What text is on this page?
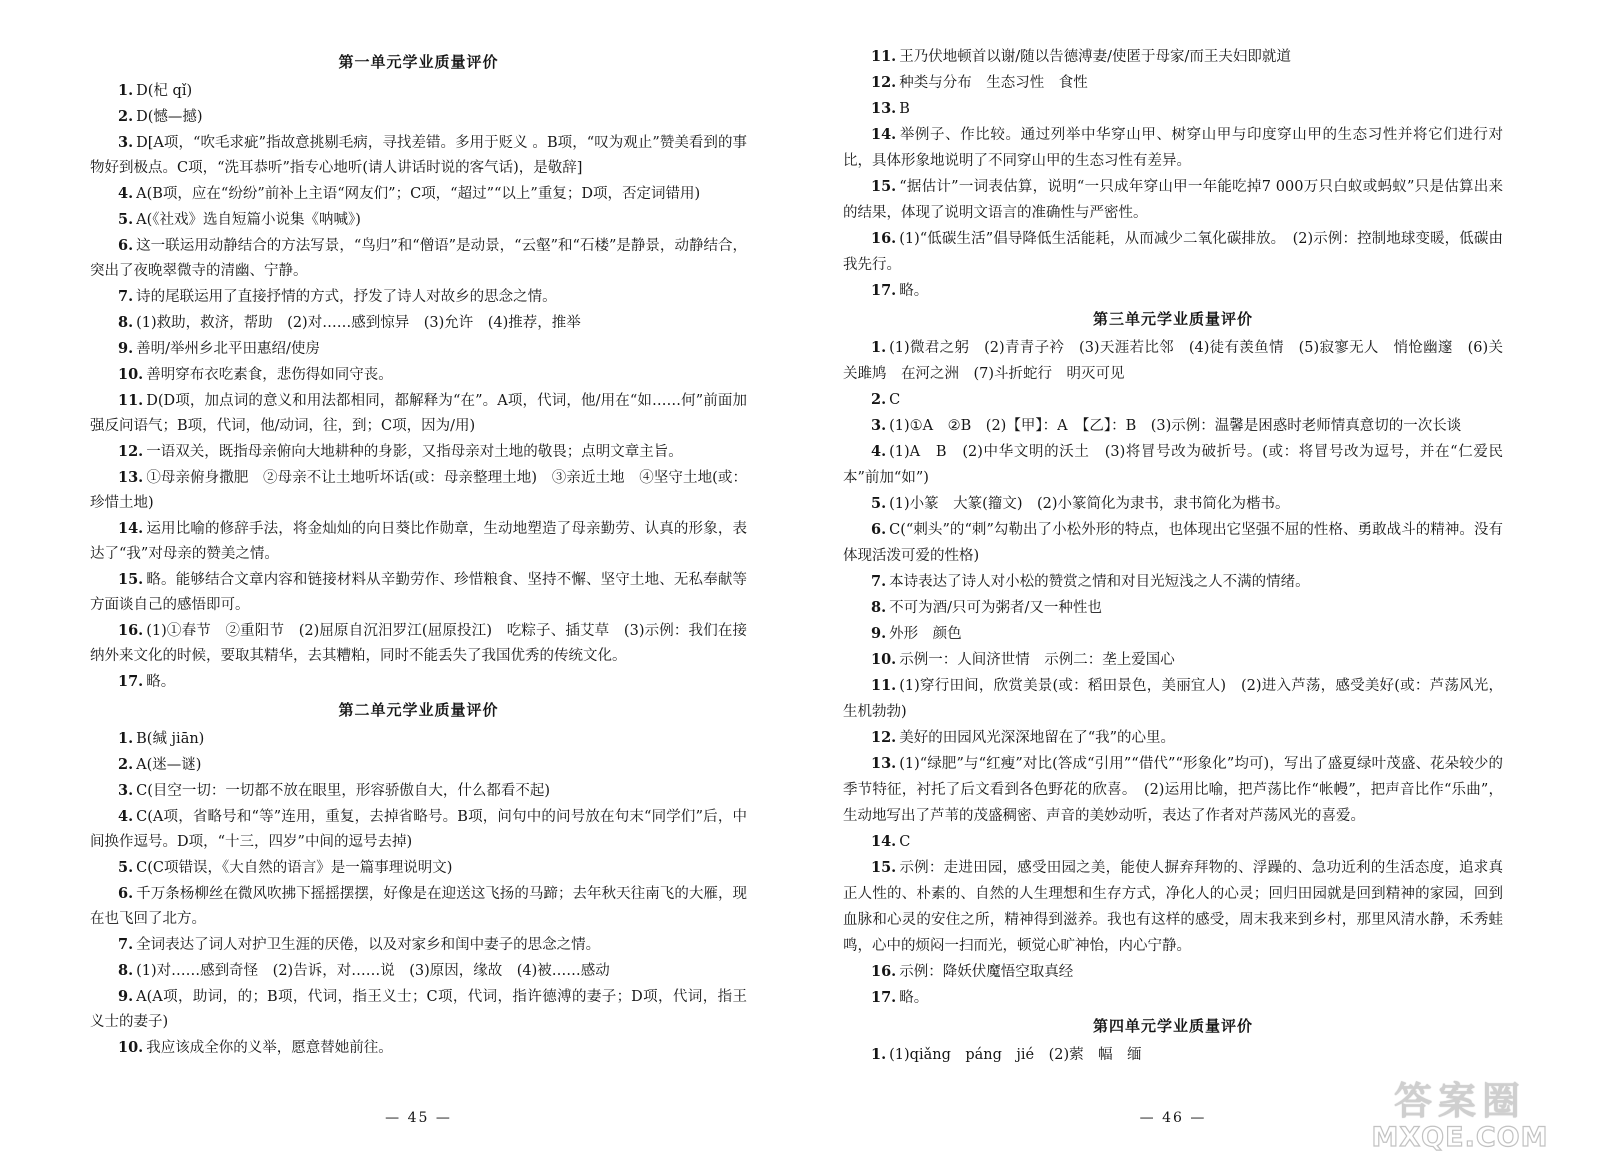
第一单元学业质量评价
1. D(杞 qǐ)
2. D(憾—撼)
3. D[A项，“吹毛求疵”指故意挑剔毛病，寻找差错。多用于贬义 。B项，“叹为观止”赞美看到的事物好到极点。C项，“洗耳恭听”指专心地听(请人讲话时说的客气话)，是敬辞]
4. A(B项，应在“纷纷”前补上主语“网友们”；C项，“超过”“以上”重复；D项，否定词错用)
5. A(《社戏》选自短篇小说集《呐喊》)
6. 这一联运用动静结合的方法写景，“鸟归”和“僧语”是动景，“云壑”和“石楼”是静景，动静结合，突出了夜晚翠微寺的清幽、宁静。
7. 诗的尾联运用了直接抒情的方式，抒发了诗人对故乡的思念之情。
8. (1)救助，救济，帮助　(2)对……感到惊异　(3)允许　(4)推荐，推举
9. 善明/举州乡北平田惠绍/使房
10. 善明穿布衣吃素食，悲伤得如同守丧。
11. D(D项，加点词的意义和用法都相同，都解释为“在”。A项，代词，他/用在“如……何”前面加强反问语气；B项，代词，他/动词，往，到；C项，因为/用)
12. 一语双关，既指母亲俯向大地耕种的身影，又指母亲对土地的敬畏；点明文章主旨。
13. ①母亲俯身撒肥　②母亲不让土地听坏话(或：母亲整理土地)　③亲近土地　④坚守土地(或：珍惜土地)
14. 运用比喻的修辞手法，将金灿灿的向日葵比作勋章，生动地塑造了母亲勤劳、认真的形象，表达了“我”对母亲的赞美之情。
15. 略。能够结合文章内容和链接材料从辛勤劳作、珍惜粮食、坚持不懈、坚守土地、无私奉献等方面谈自己的感悟即可。
16. (1)①春节　②重阳节　(2)屈原自沉汨罗江(屈原投江)　吃粽子、插艾草　(3)示例：我们在接纳外来文化的时候，要取其精华，去其糟粕，同时不能丢失了我国优秀的传统文化。
17. 略。
第二单元学业质量评价
1. B(缄 jiān)
2. A(迷—谜)
3. C(目空一切：一切都不放在眼里，形容骄傲自大，什么都看不起)
4. C(A项，省略号和“等”连用，重复，去掉省略号。B项，问句中的问号放在句末“同学们”后，中间换作逗号。D项，“十三，四岁”中间的逗号去掉)
5. C(C项错误，《大自然的语言》是一篇事理说明文)
6. 千万条杨柳丝在微风吹拂下摇摇摆摆，好像是在迎送这飞扬的马蹄；去年秋天往南飞的大雁，现在也飞回了北方。
7. 全词表达了词人对护卫生涯的厌倦，以及对家乡和闺中妻子的思念之情。
8. (1)对……感到奇怪　(2)告诉，对……说　(3)原因，缘故　(4)被……感动
9. A(A项，助词，的；B项，代词，指王义士；C项，代词，指许德溥的妻子；D项，代词，指王义士的妻子)
10. 我应该成全你的义举，愿意替她前往。
11. 王乃伏地顿首以谢/随以告德溥妻/使匿于母家/而王夫妇即就道
12. 种类与分布　生态习性　食性
13. B
14. 举例子、作比较。通过列举中华穿山甲、树穿山甲与印度穿山甲的生态习性并将它们进行对比，具体形象地说明了不同穿山甲的生态习性有差异。
15. “据估计”一词表估算，说明“一只成年穿山甲一年能吃掉7 000万只白蚁或蚂蚁”只是估算出来的结果，体现了说明文语言的准确性与严密性。
16. (1)“低碳生活”倡导降低生活能耗，从而减少二氧化碳排放。　(2)示例：控制地球变暖，低碳由我先行。
17. 略。
第三单元学业质量评价
1. (1)微君之躬　(2)青青子衿　(3)天涯若比邻　(4)徒有羡鱼情　(5)寂寥无人　悄怆幽邃　(6)关关雎鸠　在河之洲　(7)斗折蛇行　明灭可见
2. C
3. (1)①A　②B　(2)【甲】：A　【乙】：B　(3)示例：温馨是困惑时老师情真意切的一次长谈
4. (1)A　B　(2)中华文明的沃土　(3)将冒号改为破折号。(或：将冒号改为逗号，并在“仁爱民本”前加“如”)
5. (1)小篆　大篆(籀文)　(2)小篆简化为隶书，隶书简化为楷书。
6. C(“刺头”的“刺”勾勒出了小松外形的特点，也体现出它坚强不屈的性格、勇敢战斗的精神。没有体现活泼可爱的性格)
7. 本诗表达了诗人对小松的赞赏之情和对目光短浅之人不满的情绪。
8. 不可为酒/只可为粥者/又一种性也
9. 外形　颜色
10. 示例一：人间济世情　示例二：垄上爱国心
11. (1)穿行田间，欣赏美景(或：稻田景色，美丽宜人)　(2)进入芦荡，感受美好(或：芦荡风光，生机勃勃)
12. 美好的田园风光深深地留在了“我”的心里。
13. (1)“绿肥”与“红瘦”对比(答成“引用”“借代”“形象化”均可)，写出了盛夏绿叶茂盛、花朵较少的季节特征，衬托了后文看到各色野花的欣喜。　(2)运用比喻，把芦荡比作“帐幔”，把声音比作“乐曲”，生动地写出了芦苇的茂盛稠密、声音的美妙动听，表达了作者对芦荡风光的喜爱。
14. C
15. 示例：走进田园，感受田园之美，能使人摒弃拜物的、浮躁的、急功近利的生活态度，追求真正人性的、朴素的、自然的人生理想和生存方式，净化人的心灵；回归田园就是回到精神的家园，回到血脉和心灵的安住之所，精神得到滋养。我也有这样的感受，周末我来到乡村，那里风清水静，禾秀蛙鸣，心中的烦闷一扫而光，顿觉心旷神怡，内心宁静。
16. 示例：降妖伏魔悟空取真经
17. 略。
第四单元学业质量评价
1. (1)qiǎng　páng　jié　(2)萦　幅　缅
— 45 —	— 46 —	答案圈
MXQE.COM
